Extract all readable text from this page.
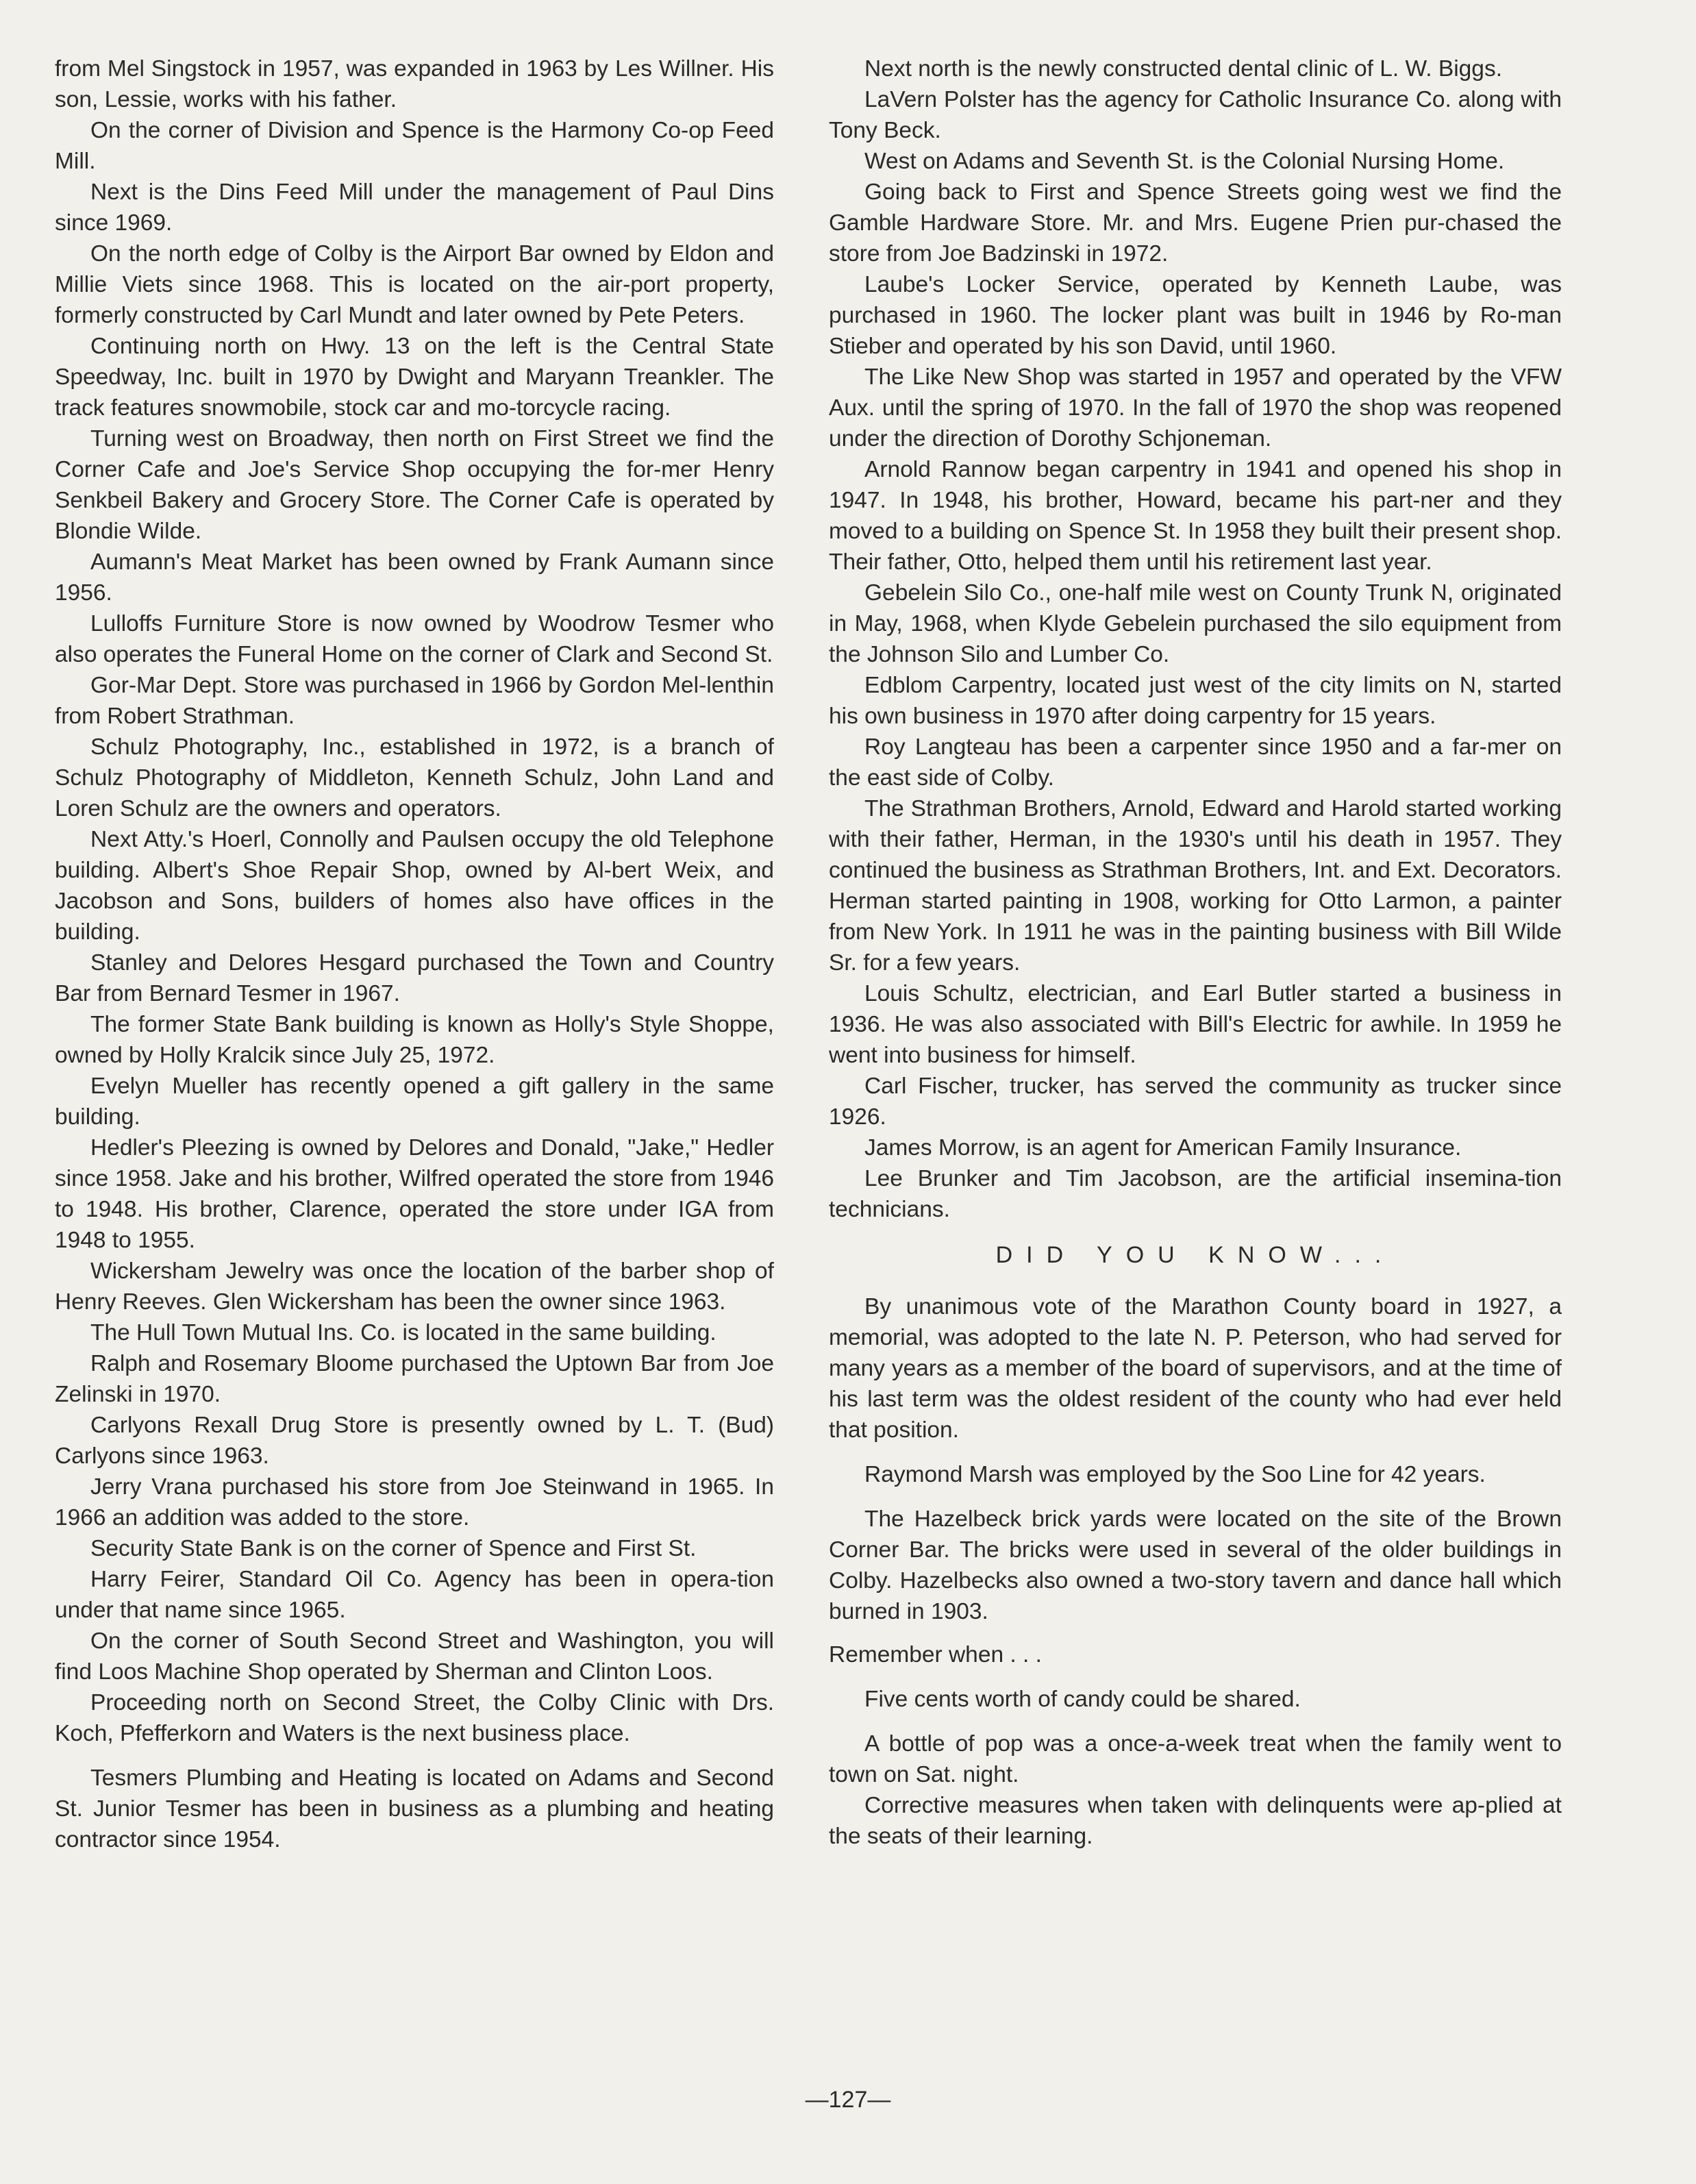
from Mel Singstock in 1957, was expanded in 1963 by Les Willner. His son, Lessie, works with his father.

On the corner of Division and Spence is the Harmony Co-op Feed Mill.

Next is the Dins Feed Mill under the management of Paul Dins since 1969.

On the north edge of Colby is the Airport Bar owned by Eldon and Millie Viets since 1968. This is located on the air-port property, formerly constructed by Carl Mundt and later owned by Pete Peters.

Continuing north on Hwy. 13 on the left is the Central State Speedway, Inc. built in 1970 by Dwight and Maryann Treankler. The track features snowmobile, stock car and mo-torcycle racing.

Turning west on Broadway, then north on First Street we find the Corner Cafe and Joe's Service Shop occupying the for-mer Henry Senkbeil Bakery and Grocery Store. The Corner Cafe is operated by Blondie Wilde.

Aumann's Meat Market has been owned by Frank Aumann since 1956.

Lulloffs Furniture Store is now owned by Woodrow Tesmer who also operates the Funeral Home on the corner of Clark and Second St.

Gor-Mar Dept. Store was purchased in 1966 by Gordon Mel-lenthin from Robert Strathman.

Schulz Photography, Inc., established in 1972, is a branch of Schulz Photography of Middleton, Kenneth Schulz, John Land and Loren Schulz are the owners and operators.

Next Atty.'s Hoerl, Connolly and Paulsen occupy the old Telephone building. Albert's Shoe Repair Shop, owned by Al-bert Weix, and Jacobson and Sons, builders of homes also have offices in the building.

Stanley and Delores Hesgard purchased the Town and Country Bar from Bernard Tesmer in 1967.

The former State Bank building is known as Holly's Style Shoppe, owned by Holly Kralcik since July 25, 1972.

Evelyn Mueller has recently opened a gift gallery in the same building.

Hedler's Pleezing is owned by Delores and Donald, "Jake," Hedler since 1958. Jake and his brother, Wilfred operated the store from 1946 to 1948. His brother, Clarence, operated the store under IGA from 1948 to 1955.

Wickersham Jewelry was once the location of the barber shop of Henry Reeves. Glen Wickersham has been the owner since 1963.

The Hull Town Mutual Ins. Co. is located in the same building.

Ralph and Rosemary Bloome purchased the Uptown Bar from Joe Zelinski in 1970.

Carlyons Rexall Drug Store is presently owned by L. T. (Bud) Carlyons since 1963.

Jerry Vrana purchased his store from Joe Steinwand in 1965. In 1966 an addition was added to the store.

Security State Bank is on the corner of Spence and First St.

Harry Feirer, Standard Oil Co. Agency has been in opera-tion under that name since 1965.

On the corner of South Second Street and Washington, you will find Loos Machine Shop operated by Sherman and Clinton Loos.

Proceeding north on Second Street, the Colby Clinic with Drs. Koch, Pfefferkorn and Waters is the next business place.

Tesmers Plumbing and Heating is located on Adams and Second St. Junior Tesmer has been in business as a plumbing and heating contractor since 1954.

Next north is the newly constructed dental clinic of L. W. Biggs.

LaVern Polster has the agency for Catholic Insurance Co. along with Tony Beck.

West on Adams and Seventh St. is the Colonial Nursing Home.

Going back to First and Spence Streets going west we find the Gamble Hardware Store. Mr. and Mrs. Eugene Prien pur-chased the store from Joe Badzinski in 1972.

Laube's Locker Service, operated by Kenneth Laube, was purchased in 1960. The locker plant was built in 1946 by Ro-man Stieber and operated by his son David, until 1960.

The Like New Shop was started in 1957 and operated by the VFW Aux. until the spring of 1970. In the fall of 1970 the shop was reopened under the direction of Dorothy Schjoneman.

Arnold Rannow began carpentry in 1941 and opened his shop in 1947. In 1948, his brother, Howard, became his part-ner and they moved to a building on Spence St. In 1958 they built their present shop. Their father, Otto, helped them until his retirement last year.

Gebelein Silo Co., one-half mile west on County Trunk N, originated in May, 1968, when Klyde Gebelein purchased the silo equipment from the Johnson Silo and Lumber Co.

Edblom Carpentry, located just west of the city limits on N, started his own business in 1970 after doing carpentry for 15 years.

Roy Langteau has been a carpenter since 1950 and a far-mer on the east side of Colby.

The Strathman Brothers, Arnold, Edward and Harold started working with their father, Herman, in the 1930's until his death in 1957. They continued the business as Strathman Brothers, Int. and Ext. Decorators. Herman started painting in 1908, working for Otto Larmon, a painter from New York. In 1911 he was in the painting business with Bill Wilde Sr. for a few years.

Louis Schultz, electrician, and Earl Butler started a business in 1936. He was also associated with Bill's Electric for awhile. In 1959 he went into business for himself.

Carl Fischer, trucker, has served the community as trucker since 1926.

James Morrow, is an agent for American Family Insurance.

Lee Brunker and Tim Jacobson, are the artificial insemina-tion technicians.

DID YOU KNOW...

By unanimous vote of the Marathon County board in 1927, a memorial, was adopted to the late N. P. Peterson, who had served for many years as a member of the board of supervisors, and at the time of his last term was the oldest resident of the county who had ever held that position.

Raymond Marsh was employed by the Soo Line for 42 years.

The Hazelbeck brick yards were located on the site of the Brown Corner Bar. The bricks were used in several of the older buildings in Colby. Hazelbecks also owned a two-story tavern and dance hall which burned in 1903.

Remember when . . .

Five cents worth of candy could be shared.

A bottle of pop was a once-a-week treat when the family went to town on Sat. night.

Corrective measures when taken with delinquents were ap-plied at the seats of their learning.

—127—
